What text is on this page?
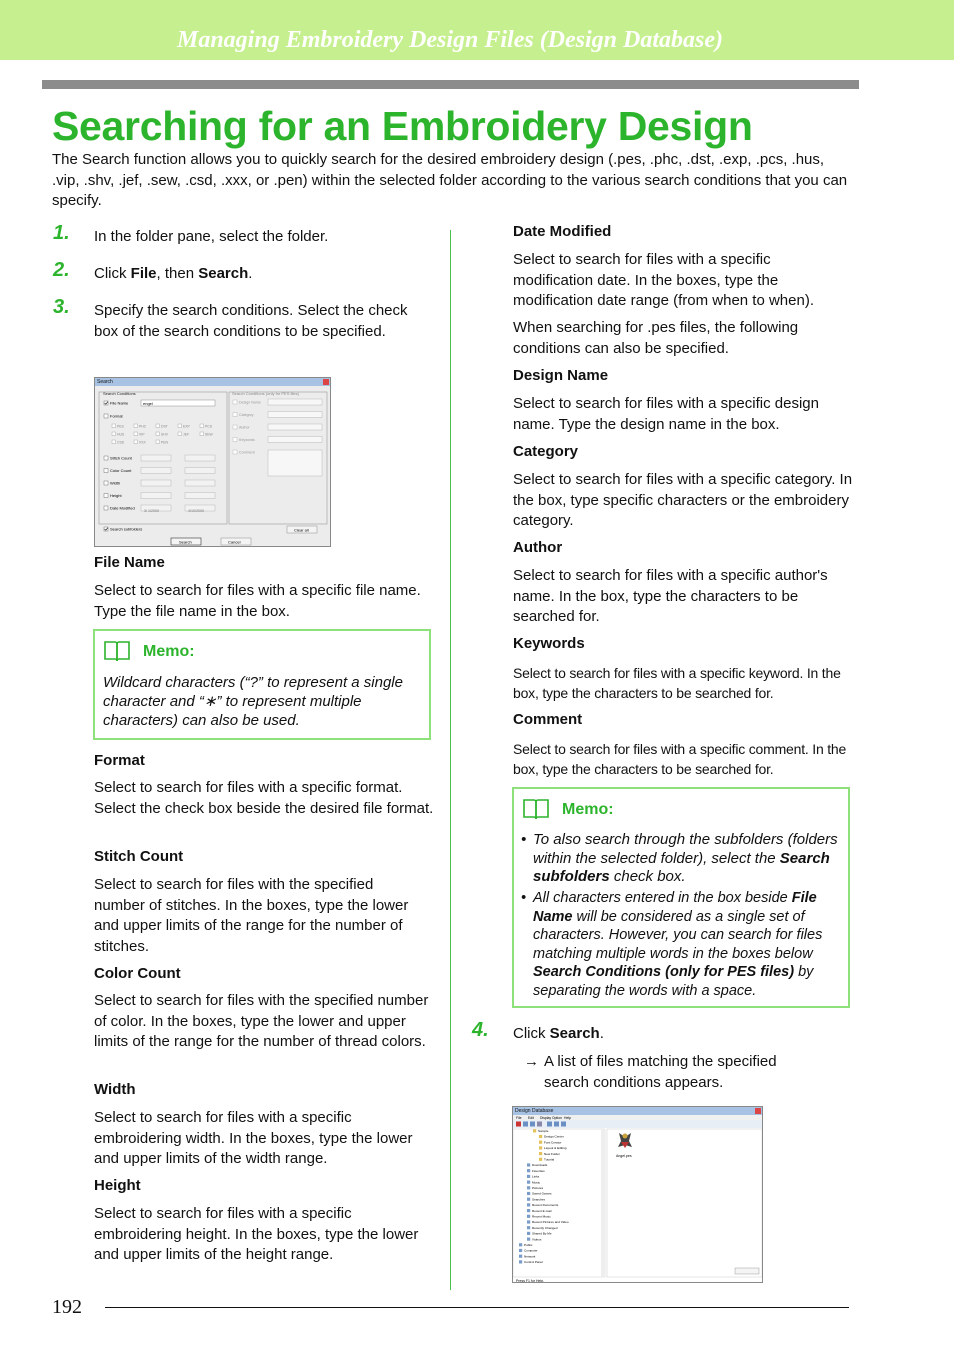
Managing Embroidery Design Files (Design Database)
Searching for an Embroidery Design
The Search function allows you to quickly search for the desired embroidery design (.pes, .phc, .dst, .exp, .pcs, .hus, .vip, .shv, .jef, .sew, .csd, .xxx, or .pen) within the selected folder according to the various search conditions that you can specify.
1. In the folder pane, select the folder.
2. Click File, then Search.
3. Specify the search conditions. Select the check box of the search conditions to be specified.
Search
Search Conditions	Search Conditions (only for PES files)
File Name	engel
Format
PES	PHC	DST	EXP	PCS
HUS	VIP	SHV	JEF	SEW
CSD	XXX	PEN
Stitch Count
Color Count
Width
Height
Date Modified
3/ 1/2000	4/10/2000
Design Name
Category
Author
Keywords
Comment
Search subfolders	Clear all
Search	Cancel
File Name
Select to search for files with a specific file name. Type the file name in the box.
Memo:
Wildcard characters (“?” to represent a single character and “∗” to represent multiple characters) can also be used.
Format
Select to search for files with a specific format. Select the check box beside the desired file format.
Stitch Count
Select to search for files with the specified number of stitches. In the boxes, type the lower and upper limits of the range for the number of stitches.
Color Count
Select to search for files with the specified number of color. In the boxes, type the lower and upper limits of the range for the number of thread colors.
Width
Select to search for files with a specific embroidering width. In the boxes, type the lower and upper limits of the width range.
Height
Select to search for files with a specific embroidering height. In the boxes, type the lower and upper limits of the height range.
Date Modified
Select to search for files with a specific modification date. In the boxes, type the modification date range (from when to when).
When searching for .pes files, the following conditions can also be specified.
Design Name
Select to search for files with a specific design name. Type the design name in the box.
Category
Select to search for files with a specific category. In the box, type specific characters or the embroidery category.
Author
Select to search for files with a specific author's name. In the box, type the characters to be searched for.
Keywords
Select to search for files with a specific keyword. In the box, type the characters to be searched for.
Comment
Select to search for files with a specific comment. In the box, type the characters to be searched for.
Memo:
• To also search through the subfolders (folders within the selected folder), select the Search subfolders check box.
• All characters entered in the box beside File Name will be considered as a single set of characters. However, you can search for files matching multiple words in the boxes below Search Conditions (only for PES files) by separating the words with a space.
4. Click Search.
→ A list of files matching the specified search conditions appears.
Design Database
File Edit Display Option Help
Sample
Design Center
Font Creator
Layout & Editing
New Folder
Tutorial
Downloads
Favorites
Links
Music
Pictures
Saved Games
Searches
Recent Documents
Recent E-mail
Recent Music
Recent Pictures and Video
Recently Changed
Shared By Me
Videos
Public
Computer
Network
Control Panel
Angel.pes
Press F1 for Help.
192
